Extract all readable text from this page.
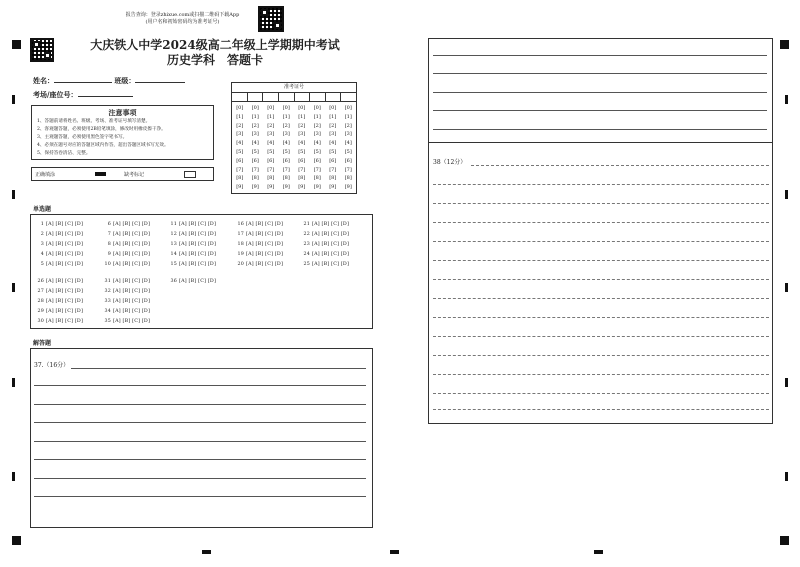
报告查询：登录zhixue.com或扫描二维码下载App
(用户名和初始密码均为准考证号)
大庆铁人中学2024级高二年级上学期期中考试
历史学科　答题卡
姓名：	班级：
考场/座位号：
注意事项
1、答题前请将姓名、班级、考场、准考证号填写清楚。
2、客观题答题，必须使用2B铅笔填涂，修改时用橡皮擦干净。
3、主观题答题，必须使用黑色签字笔书写。
4、必须在题号对应的答题区域内作答，超出答题区域书写无效。
5、保持答卷清洁、完整。
正确填涂	缺考标记
准考证号
[0]
[1]
[2]
[3]
[4]
[5]
[6]
[7]
[8]
[9]
[0]
[1]
[2]
[3]
[4]
[5]
[6]
[7]
[8]
[9]
[0]
[1]
[2]
[3]
[4]
[5]
[6]
[7]
[8]
[9]
[0]
[1]
[2]
[3]
[4]
[5]
[6]
[7]
[8]
[9]
[0]
[1]
[2]
[3]
[4]
[5]
[6]
[7]
[8]
[9]
[0]
[1]
[2]
[3]
[4]
[5]
[6]
[7]
[8]
[9]
[0]
[1]
[2]
[3]
[4]
[5]
[6]
[7]
[8]
[9]
[0]
[1]
[2]
[3]
[4]
[5]
[6]
[7]
[8]
[9]
单选题
1 [A] [B] [C] [D]
2 [A] [B] [C] [D]
3 [A] [B] [C] [D]
4 [A] [B] [C] [D]
5 [A] [B] [C] [D]
6 [A] [B] [C] [D]
7 [A] [B] [C] [D]
8 [A] [B] [C] [D]
9 [A] [B] [C] [D]
10 [A] [B] [C] [D]
11 [A] [B] [C] [D]
12 [A] [B] [C] [D]
13 [A] [B] [C] [D]
14 [A] [B] [C] [D]
15 [A] [B] [C] [D]
16 [A] [B] [C] [D]
17 [A] [B] [C] [D]
18 [A] [B] [C] [D]
19 [A] [B] [C] [D]
20 [A] [B] [C] [D]
21 [A] [B] [C] [D]
22 [A] [B] [C] [D]
23 [A] [B] [C] [D]
24 [A] [B] [C] [D]
25 [A] [B] [C] [D]
26 [A] [B] [C] [D]
27 [A] [B] [C] [D]
28 [A] [B] [C] [D]
29 [A] [B] [C] [D]
30 [A] [B] [C] [D]
31 [A] [B] [C] [D]
32 [A] [B] [C] [D]
33 [A] [B] [C] [D]
34 [A] [B] [C] [D]
35 [A] [B] [C] [D]
36 [A] [B] [C] [D]
解答题
37.（16分）
38（12分）
